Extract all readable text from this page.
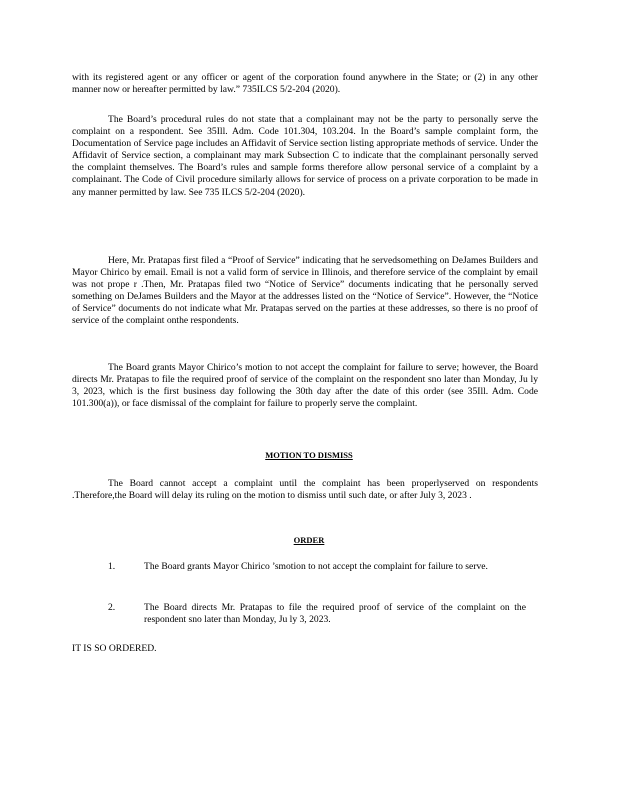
with its registered agent or any officer or agent of the corporation found anywhere in the State; or (2) in any other manner now or hereafter permitted by law.” 735ILCS 5/2-204 (2020).

The Board’s procedural rules do not state that a complainant may not be the party to personally serve the complaint on a respondent. See 35Ill. Adm. Code 101.304, 103.204. In the Board’s sample complaint form, the Documentation of Service page includes an Affidavit of Service section listing appropriate methods of service. Under the Affidavit of Service section, a complainant may mark Subsection C to indicate that the complainant personally served the complaint themselves. The Board’s rules and sample forms therefore allow personal service of a complaint by a complainant. The Code of Civil procedure similarly allows for service of process on a private corporation to be made in any manner permitted by law. See 735 ILCS 5/2-204 (2020).

Here, Mr. Pratapas first filed a “Proof of Service” indicating that he servedsomething on DeJames Builders and Mayor Chirico by email. Email is not a valid form of service in Illinois, and therefore service of the complaint by email was not prope r .Then, Mr. Pratapas filed two “Notice of Service” documents indicating that he personally served something on DeJames Builders and the Mayor at the addresses listed on the “Notice of Service”. However, the “Notice of Service” documents do not indicate what Mr. Pratapas served on the parties at these addresses, so there is no proof of service of the complaint onthe respondents.

The Board grants Mayor Chirico’s motion to not accept the complaint for failure to serve; however, the Board directs Mr. Pratapas to file the required proof of service of the complaint on the respondent sno later than Monday, Ju ly 3, 2023, which is the first business day following the 30th day after the date of this order (see 35Ill. Adm. Code 101.300(a)), or face dismissal of the complaint for failure to properly serve the complaint.

MOTION TO DISMISS

The Board cannot accept a complaint until the complaint has been properlyserved on respondents .Therefore,the Board will delay its ruling on the motion to dismiss until such date, or after July 3, 2023 .

ORDER

1.	The Board grants Mayor Chirico ’smotion to not accept the complaint for failure to serve.
2.	The Board directs Mr. Pratapas to file the required proof of service of the complaint on the respondent sno later than Monday, Ju ly 3, 2023.

IT IS SO ORDERED.
